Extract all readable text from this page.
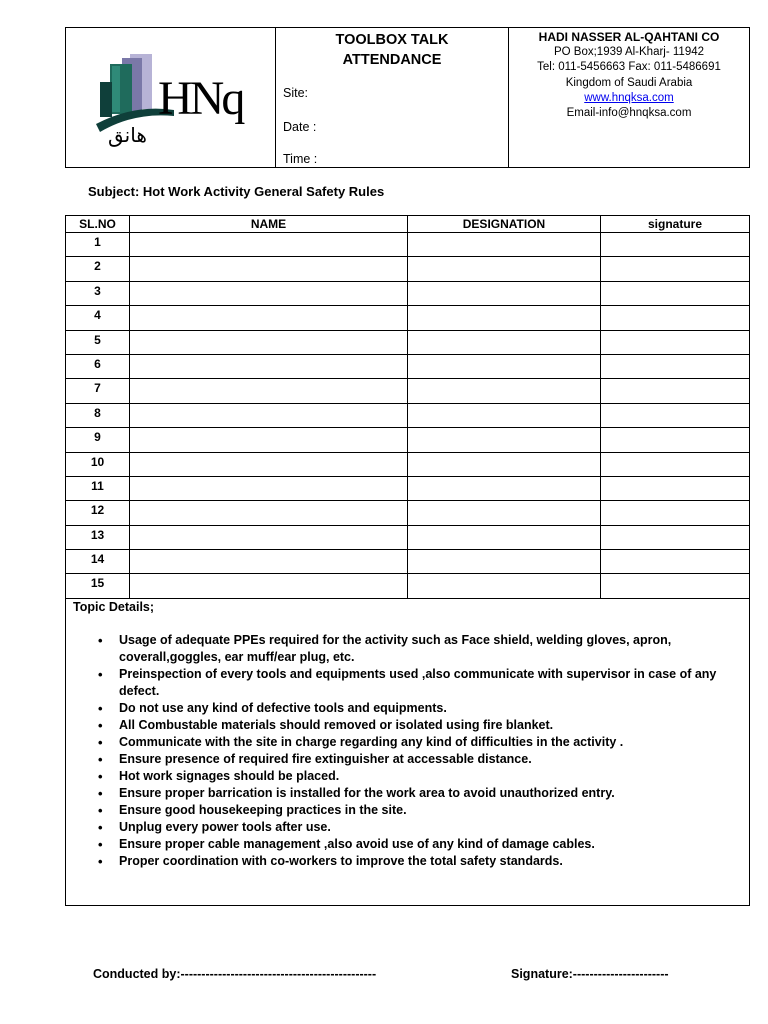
HNq
هانق

TOOLBOX TALK
ATTENDANCE
Site:
Date :
Time :

HADI NASSER AL-QAHTANI CO
PO Box;1939 Al-Kharj- 11942
Tel: 011-5456663 Fax: 011-5486691
Kingdom of Saudi Arabia
www.hnqksa.com
Email-info@hnqksa.com
Subject: Hot Work Activity General Safety Rules
SL.NO	NAME	DESIGNATION	signature
1			
2			
3			
4			
5			
6			
7			
8			
9			
10			
11			
12			
13			
14			
15			
Topic Details;
• Usage of adequate PPEs required for the activity such as Face shield, welding gloves, apron, coverall,goggles, ear muff/ear plug, etc.
• Preinspection of every tools and equipments used ,also communicate with supervisor in case of any defect.
• Do not use any kind of defective tools and equipments.
• All Combustable materials should removed or isolated using fire blanket.
• Communicate with the site in charge regarding any kind of difficulties in the activity .
• Ensure presence of required fire extinguisher at accessable distance.
• Hot work signages should be placed.
• Ensure proper barrication is installed for the work area to avoid unauthorized entry.
• Ensure good housekeeping practices in the site.
• Unplug every power tools after use.
• Ensure proper cable management ,also avoid use of any kind of damage cables.
• Proper coordination with co-workers to improve the total safety standards.
Conducted by:-----------------------------------------------	Signature:-----------------------
